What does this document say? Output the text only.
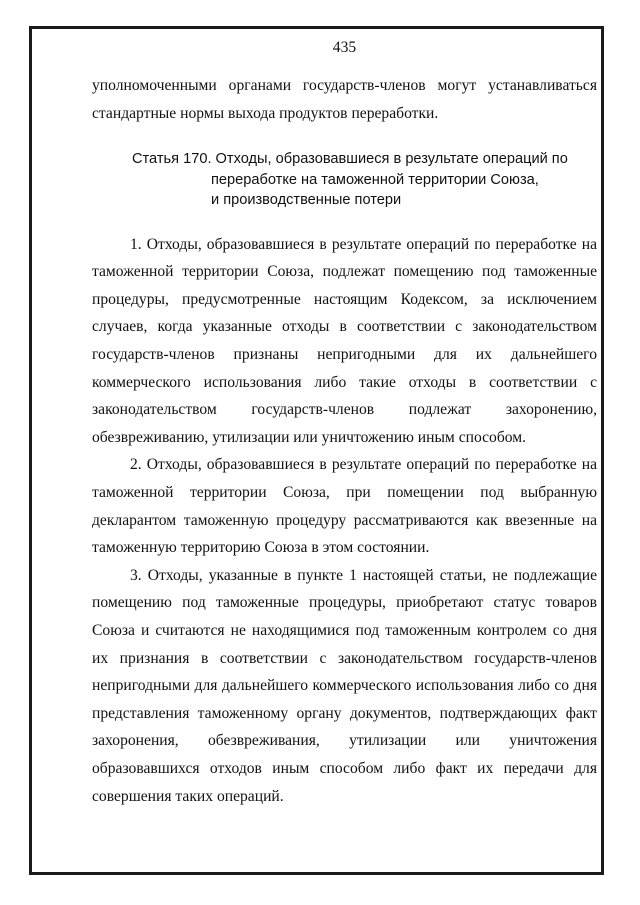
435

уполномоченными органами государств-членов могут устанавливаться стандартные нормы выхода продуктов переработки.

Статья 170. Отходы, образовавшиеся в результате операций по
переработке на таможенной территории Союза,
и производственные потери

1. Отходы, образовавшиеся в результате операций по переработке на таможенной территории Союза, подлежат помещению под таможенные процедуры, предусмотренные настоящим Кодексом, за исключением случаев, когда указанные отходы в соответствии с законодательством государств-членов признаны непригодными для их дальнейшего коммерческого использования либо такие отходы в соответствии с законодательством государств-членов подлежат захоронению, обезвреживанию, утилизации или уничтожению иным способом.

2. Отходы, образовавшиеся в результате операций по переработке на таможенной территории Союза, при помещении под выбранную декларантом таможенную процедуру рассматриваются как ввезенные на таможенную территорию Союза в этом состоянии.

3. Отходы, указанные в пункте 1 настоящей статьи, не подлежащие помещению под таможенные процедуры, приобретают статус товаров Союза и считаются не находящимися под таможенным контролем со дня их признания в соответствии с законодательством государств-членов непригодными для дальнейшего коммерческого использования либо со дня представления таможенному органу документов, подтверждающих факт захоронения, обезвреживания, утилизации или уничтожения образовавшихся отходов иным способом либо факт их передачи для совершения таких операций.
